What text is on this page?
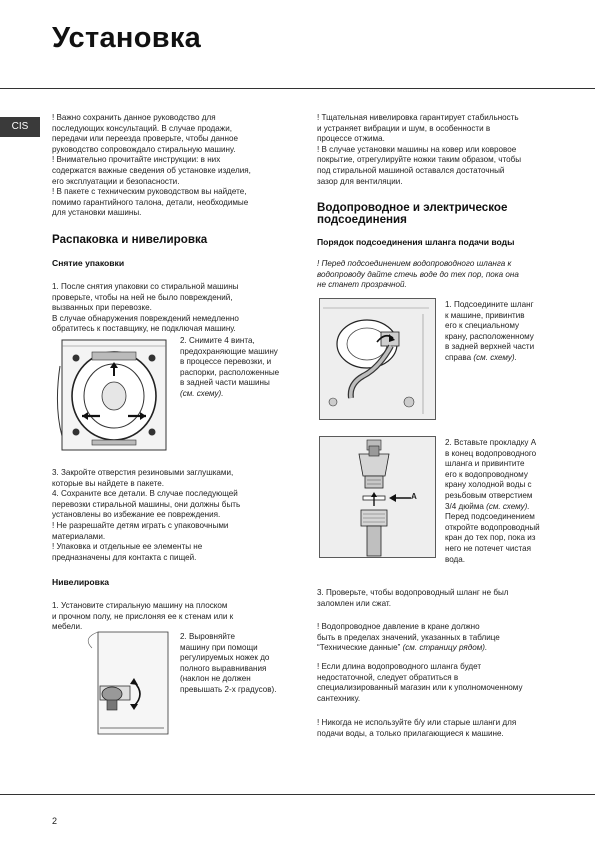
Установка
CIS
! Важно сохранить данное руководство для
последующих консультаций. В случае продажи,
передачи или переезда проверьте, чтобы данное
руководство сопровождало стиральную машину.
! Внимательно прочитайте инструкции: в них
содержатся важные сведения об установке изделия,
его эксплуатации и безопасности.
! В пакете с техническим руководством вы найдете,
помимо гарантийного талона, детали, необходимые
для установки машины.
Распаковка и нивелировка
Снятие упаковки
1. После снятия упаковки со стиральной машины
проверьте, чтобы на ней не было повреждений,
вызванных при перевозке.
В случае обнаружения повреждений немедленно
обратитесь к поставщику, не подключая машину.
2. Снимите 4 винта,
предохраняющие машину
в процессе перевозки, и
распорки, расположенные
в задней части машины
(см. схему).
3. Закройте отверстия резиновыми заглушками,
которые вы найдете в пакете.
4. Сохраните все детали. В случае последующей
перевозки стиральной машины, они должны быть
установлены во избежание ее повреждения.
! Не разрешайте детям играть с упаковочными
материалами.
! Упаковка и отдельные ее элементы не
предназначены для контакта с пищей.
Нивелировка
1. Установите стиральную машину на плоском
и прочном полу, не прислоняя ее к стенам или к
мебели.
2. Выровняйте
машину при помощи
регулируемых ножек до
полного выравнивания
(наклон не должен
превышать 2-х градусов).
! Тщательная нивелировка гарантирует стабильность
и устраняет вибрации и шум, в особенности в
процессе отжима.
! В случае установки машины на ковер или ковровое
покрытие, отрегулируйте ножки таким образом, чтобы
под стиральной машиной оставался достаточный
зазор для вентиляции.
Водопроводное и электрическое
подсоединения
Порядок подсоединения шланга подачи воды
! Перед подсоединением водопроводного шланга к
водопроводу дайте стечь воде до тех пор, пока она
не станет прозрачной.
1. Подсоедините шланг
к машине, привинтив
его к специальному
крану, расположенному
в задней верхней части
справа (см. схему).
A
2. Вставьте прокладку А
в конец водопроводного
шланга и привинтите
его к водопроводному
крану холодной воды с
резьбовым отверстием
3/4 дюйма (см. схему).
Перед подсоединением
откройте водопроводный
кран до тех пор, пока из
него не потечет чистая
вода.
3. Проверьте, чтобы водопроводный шланг не был
заломлен или сжат.
! Водопроводное давление в кране должно
быть в пределах значений, указанных в таблице
“Технические данные” (см. страницу рядом).
! Если длина водопроводного шланга будет
недостаточной, следует обратиться в
специализированный магазин или к уполномоченному
сантехнику.
! Никогда не используйте б/у или старые шланги для
подачи воды, а только прилагающиеся к машине.
2
